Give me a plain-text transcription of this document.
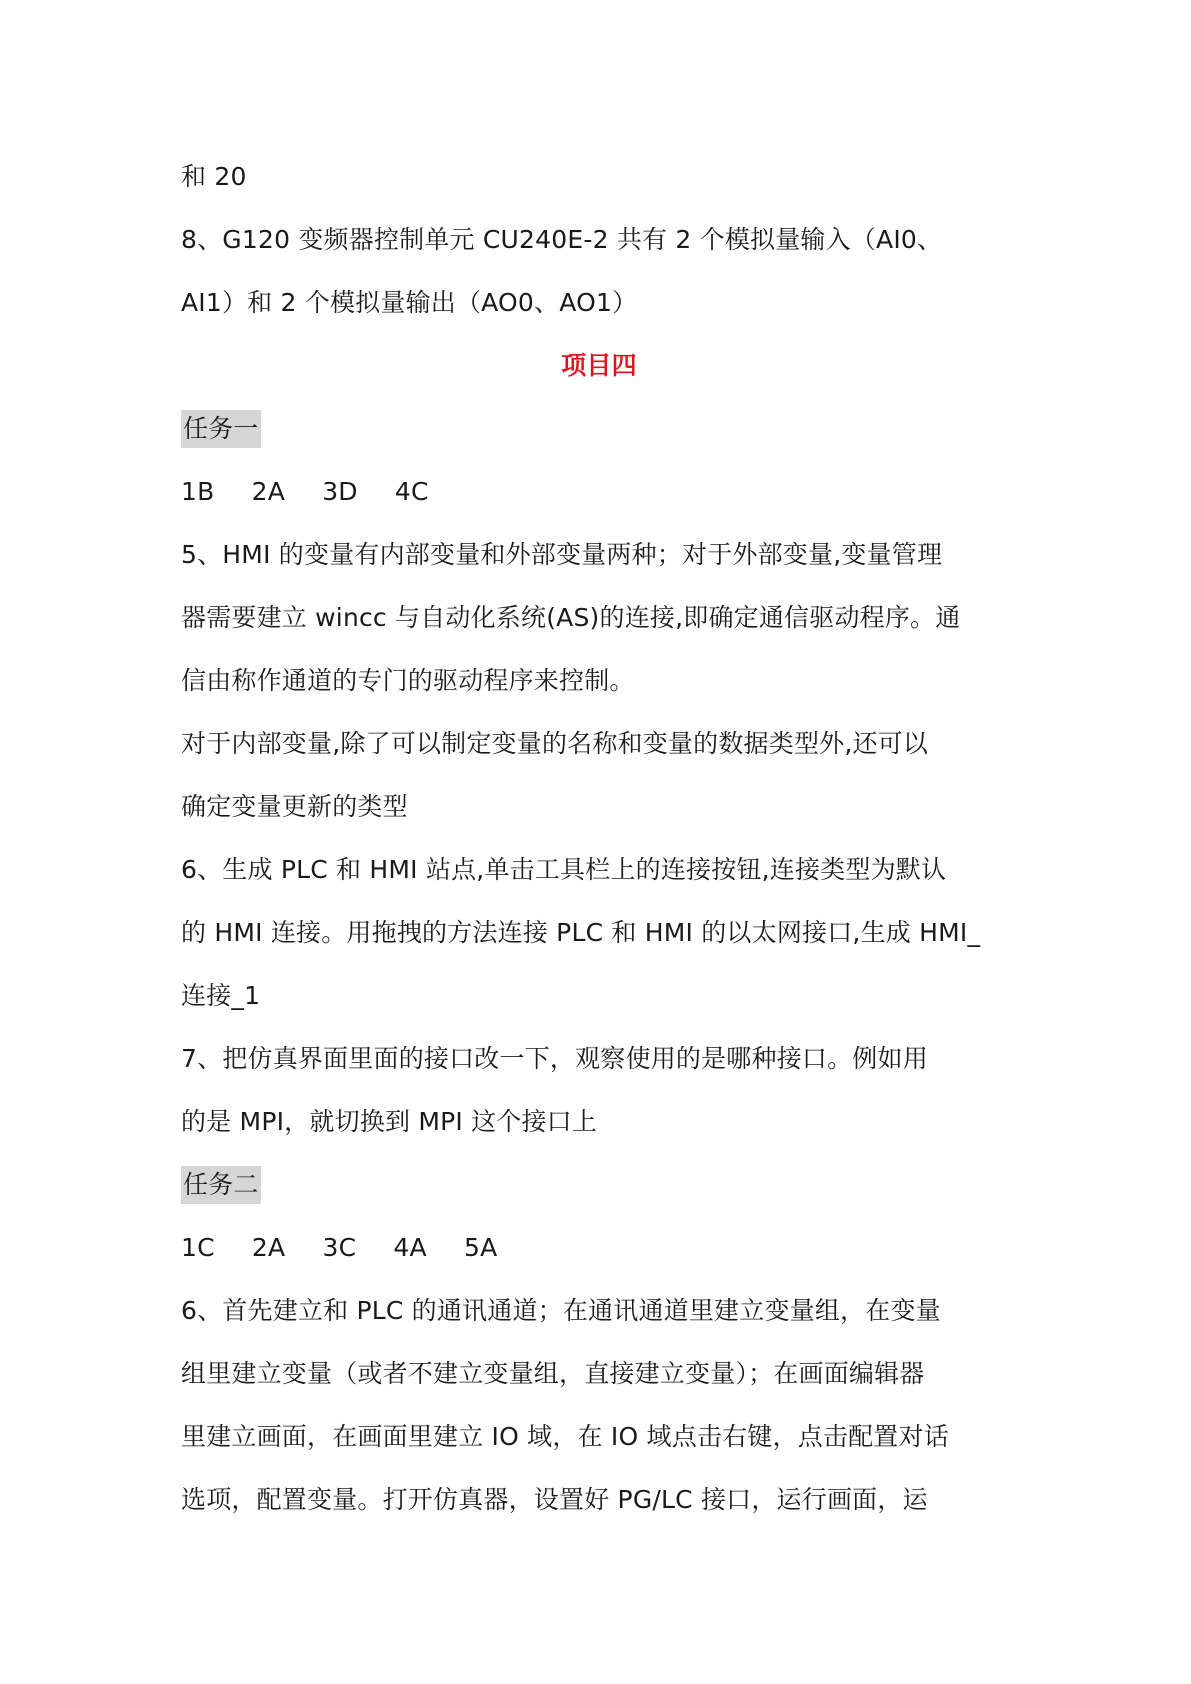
和 20
8、G120 变频器控制单元 CU240E-2 共有 2 个模拟量输入（AI0、
AI1）和 2 个模拟量输出（AO0、AO1）
项目四
任务一
1B 2A 3D 4C
5、HMI 的变量有内部变量和外部变量两种；对于外部变量,变量管理
器需要建立 wincc 与自动化系统(AS)的连接,即确定通信驱动程序。通
信由称作通道的专门的驱动程序来控制。
对于内部变量,除了可以制定变量的名称和变量的数据类型外,还可以
确定变量更新的类型
6、生成 PLC 和 HMI 站点,单击工具栏上的连接按钮,连接类型为默认
的 HMI 连接。用拖拽的方法连接 PLC 和 HMI 的以太网接口,生成 HMI_
连接_1
7、把仿真界面里面的接口改一下，观察使用的是哪种接口。例如用
的是 MPI，就切换到 MPI 这个接口上
任务二
1C 2A 3C 4A 5A
6、首先建立和 PLC 的通讯通道；在通讯通道里建立变量组，在变量
组里建立变量（或者不建立变量组，直接建立变量）；在画面编辑器
里建立画面，在画面里建立 IO 域，在 IO 域点击右键，点击配置对话
选项，配置变量。打开仿真器，设置好 PG/LC 接口，运行画面，运
